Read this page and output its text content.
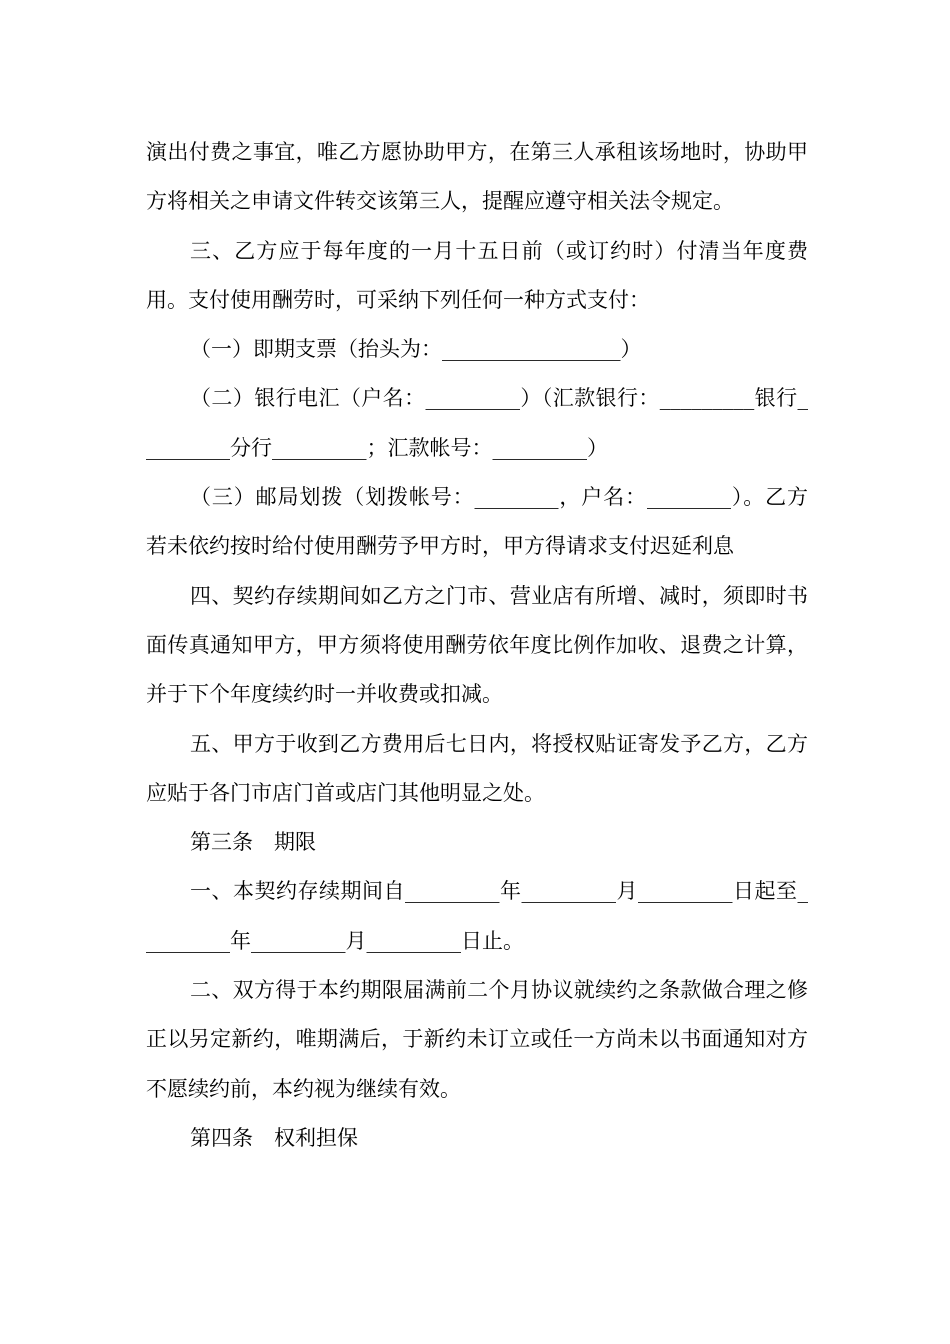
演出付费之事宜，唯乙方愿协助甲方，在第三人承租该场地时，协助甲方将相关之申请文件转交该第三人，提醒应遵守相关法令规定。

三、乙方应于每年度的一月十五日前（或订约时）付清当年度费用。支付使用酬劳时，可采纳下列任何一种方式支付：

（一）即期支票（抬头为：_________________）

（二）银行电汇（户名：_________）（汇款银行：_________银行_________分行_________；汇款帐号：_________）

（三）邮局划拨（划拨帐号：________，户名：________）。乙方若未依约按时给付使用酬劳予甲方时，甲方得请求支付迟延利息

四、契约存续期间如乙方之门市、营业店有所增、减时，须即时书面传真通知甲方，甲方须将使用酬劳依年度比例作加收、退费之计算，并于下个年度续约时一并收费或扣减。

五、甲方于收到乙方费用后七日内，将授权贴证寄发予乙方，乙方应贴于各门市店门首或店门其他明显之处。

第三条　期限

一、本契约存续期间自_________年_________月_________日起至_________年_________月_________日止。

二、双方得于本约期限届满前二个月协议就续约之条款做合理之修正以另定新约，唯期满后，于新约未订立或任一方尚未以书面通知对方不愿续约前，本约视为继续有效。

第四条　权利担保
